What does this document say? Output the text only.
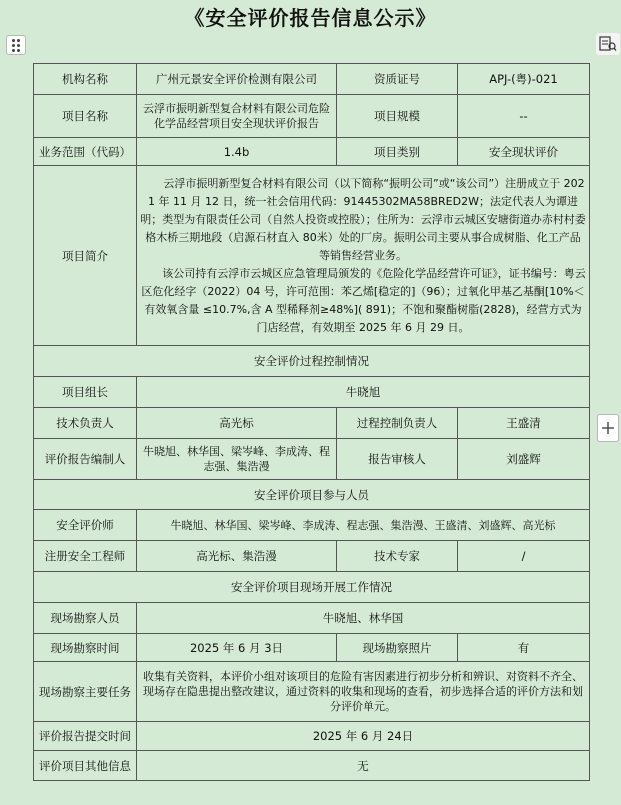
《安全评价报告信息公示》
机构名称	广州元景安全评价检测有限公司	资质证号	APJ-(粤)-021
项目名称	云浮市振明新型复合材料有限公司危险化学品经营项目安全现状评价报告	项目规模	--
业务范围（代码）	1.4b	项目类别	安全现状评价
项目简介	云浮市振明新型复合材料有限公司（以下简称“振明公司”或“该公司”）注册成立于 2021 年 11 月 12 日，统一社会信用代码：91445302MA58BRED2W；法定代表人为谭进明；类型为有限责任公司（自然人投资或控股）；住所为：云浮市云城区安塘街道办赤村村委格木桥三期地段（启源石材直入 80米）处的厂房。振明公司主要从事合成树脂、化工产品等销售经营业务。

该公司持有云浮市云城区应急管理局颁发的《危险化学品经营许可证》，证书编号：粤云区危化经字（2022）04 号，许可范围：苯乙烯[稳定的]（96）；过氧化甲基乙基酮[10%＜有效氧含量 ≤10.7%,含 A 型稀释剂≥48%]( 891)；不饱和聚酯树脂(2828)，经营方式为门店经营，有效期至 2025 年 6 月 29 日。		

安全评价过程控制情况			
项目组长	牛晓旭		
技术负责人	高光标	过程控制负责人	王盛清
评价报告编制人	牛晓旭、林华国、梁岑峰、李成涛、程志强、集浩漫	报告审核人	刘盛辉
安全评价项目参与人员			
安全评价师	牛晓旭、林华国、梁岑峰、李成涛、程志强、集浩漫、王盛清、刘盛辉、高光标		
注册安全工程师	高光标、集浩漫	技术专家	/
安全评价项目现场开展工作情况			
现场勘察人员	牛晓旭、林华国		
现场勘察时间	2025 年 6 月 3日	现场勘察照片	有
现场勘察主要任务	收集有关资料，本评价小组对该项目的危险有害因素进行初步分析和辨识、对资料不齐全、现场存在隐患提出整改建议，通过资料的收集和现场的查看，初步选择合适的评价方法和划分评价单元。		
评价报告提交时间	2025 年 6 月 24日		
评价项目其他信息	无		
